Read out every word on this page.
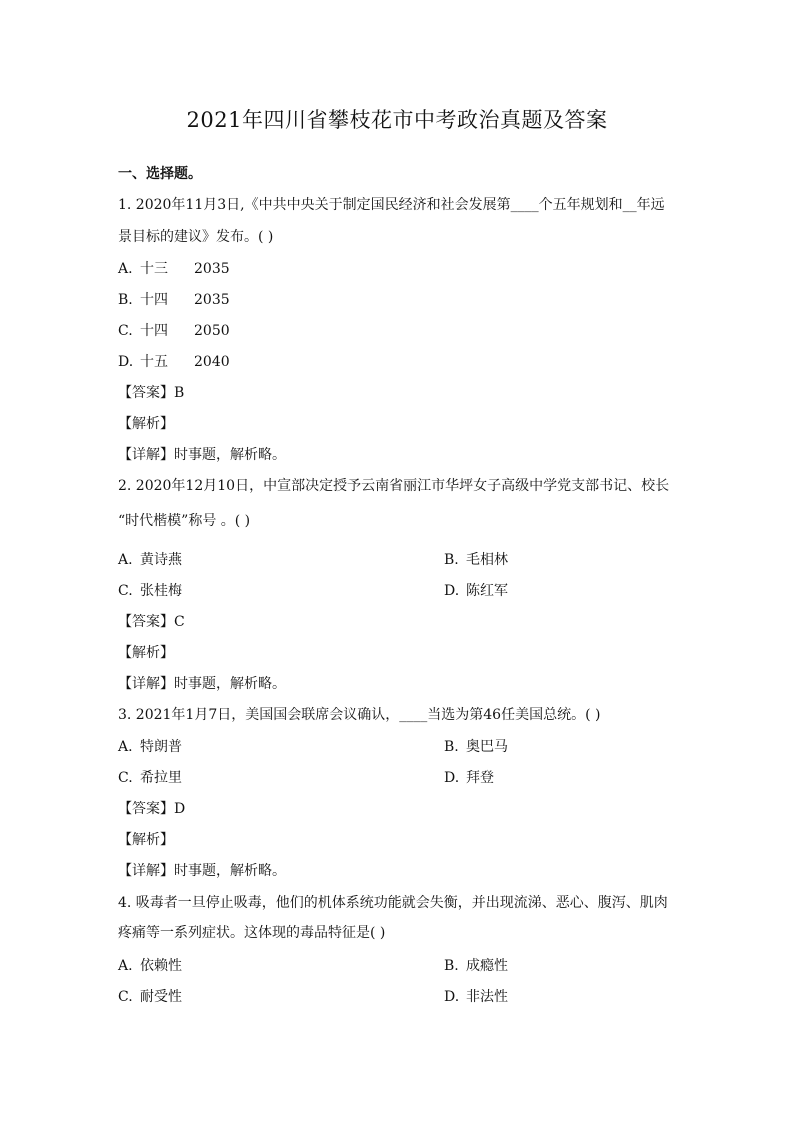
2021年四川省攀枝花市中考政治真题及答案
一、选择题。
1. 2020年11月3日,《中共中央关于制定国民经济和社会发展第____个五年规划和__年远
景目标的建议》发布。( )
A. 十三 2035
B. 十四 2035
C. 十四 2050
D. 十五 2040
【答案】B
【解析】
【详解】时事题，解析略。
2. 2020年12月10日，中宣部决定授予云南省丽江市华坪女子高级中学党支部书记、校长
“时代楷模”称号 。( )
A. 黄诗燕	B. 毛相林
C. 张桂梅	D. 陈红军
【答案】C
【解析】
【详解】时事题，解析略。
3. 2021年1月7日，美国国会联席会议确认，____当选为第46任美国总统。( )
A. 特朗普	B. 奥巴马
C. 希拉里	D. 拜登
【答案】D
【解析】
【详解】时事题，解析略。
4. 吸毒者一旦停止吸毒，他们的机体系统功能就会失衡，并出现流涕、恶心、腹泻、肌肉
疼痛等一系列症状。这体现的毒品特征是( )
A. 依赖性	B. 成瘾性
C. 耐受性	D. 非法性
